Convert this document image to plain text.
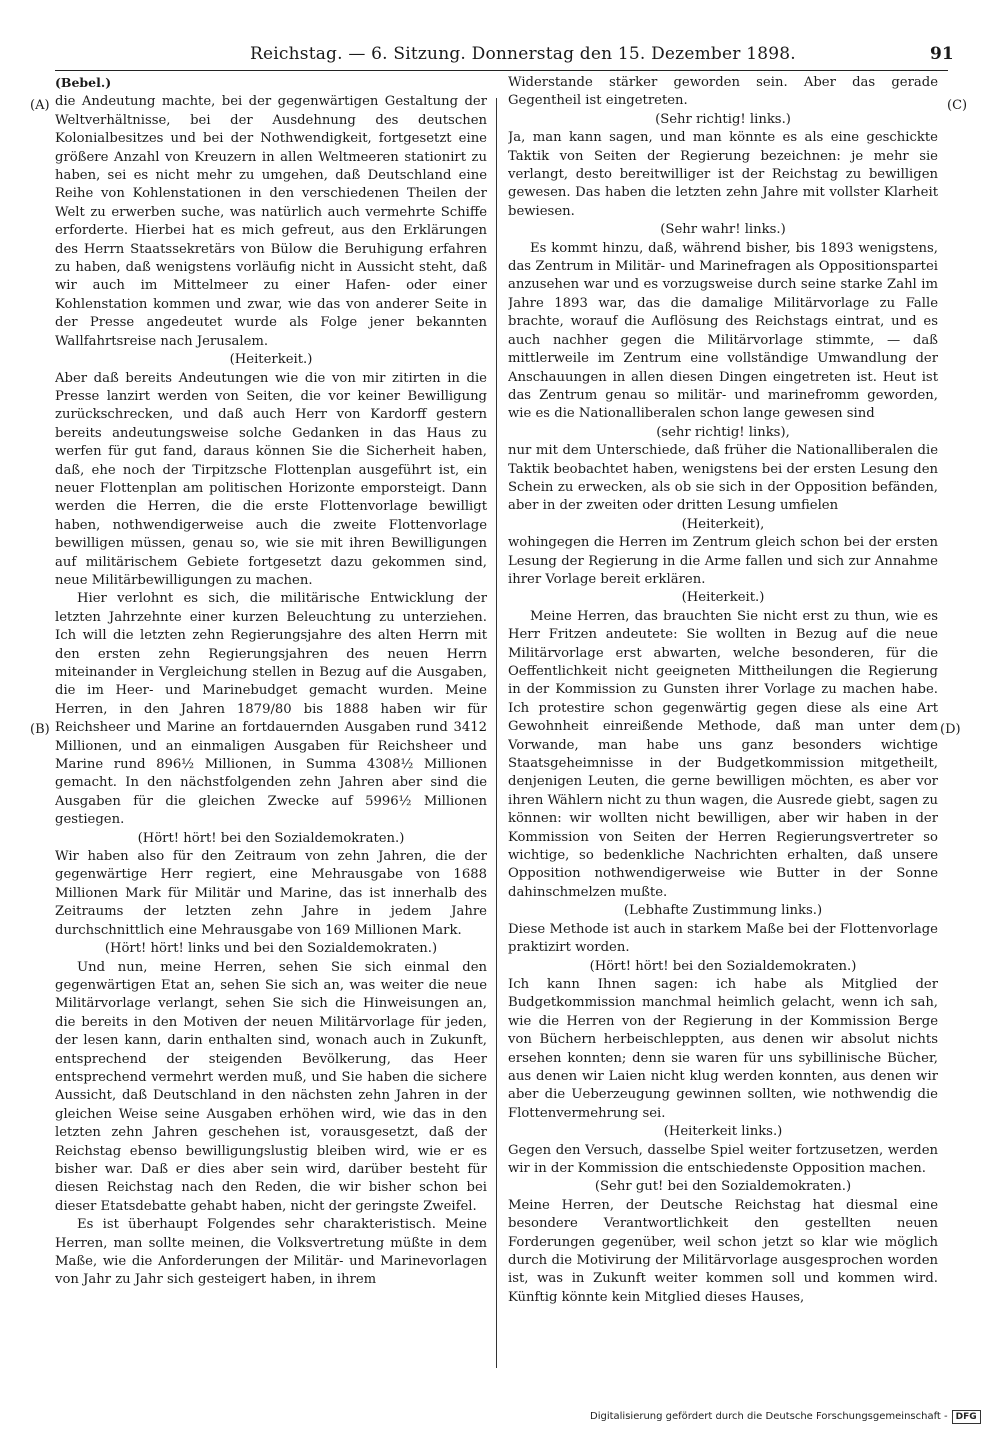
Reichstag. — 6. Sitzung. Donnerstag den 15. Dezember 1898.	91
(A)
(B)
(C)
(D)

(Bebel.)

die Andeutung machte, bei der gegenwärtigen Gestaltung der Weltverhältnisse, bei der Ausdehnung des deutschen Kolonialbesitzes und bei der Nothwendigkeit, fortgesetzt eine größere Anzahl von Kreuzern in allen Weltmeeren stationirt zu haben, sei es nicht mehr zu umgehen, daß Deutschland eine Reihe von Kohlenstationen in den verschiedenen Theilen der Welt zu erwerben suche, was natürlich auch vermehrte Schiffe erforderte. Hierbei hat es mich gefreut, aus den Erklärungen des Herrn Staatssekretärs von Bülow die Beruhigung erfahren zu haben, daß wenigstens vorläufig nicht in Aussicht steht, daß wir auch im Mittelmeer zu einer Hafen- oder einer Kohlenstation kommen und zwar, wie das von anderer Seite in der Presse angedeutet wurde als Folge jener bekannten Wallfahrtsreise nach Jerusalem.

(Heiterkeit.)

Aber daß bereits Andeutungen wie die von mir zitirten in die Presse lanzirt werden von Seiten, die vor keiner Bewilligung zurückschrecken, und daß auch Herr von Kardorff gestern bereits andeutungsweise solche Gedanken in das Haus zu werfen für gut fand, daraus können Sie die Sicherheit haben, daß, ehe noch der Tirpitzsche Flottenplan ausgeführt ist, ein neuer Flottenplan am politischen Horizonte emporsteigt. Dann werden die Herren, die die erste Flottenvorlage bewilligt haben, nothwendigerweise auch die zweite Flottenvorlage bewilligen müssen, genau so, wie sie mit ihren Bewilligungen auf militärischem Gebiete fortgesetzt dazu gekommen sind, neue Militärbewilligungen zu machen.

Hier verlohnt es sich, die militärische Entwicklung der letzten Jahrzehnte einer kurzen Beleuchtung zu unterziehen. Ich will die letzten zehn Regierungsjahre des alten Herrn mit den ersten zehn Regierungsjahren des neuen Herrn miteinander in Vergleichung stellen in Bezug auf die Ausgaben, die im Heer- und Marinebudget gemacht wurden. Meine Herren, in den Jahren 1879/80 bis 1888 haben wir für Reichsheer und Marine an fortdauernden Ausgaben rund 3412 Millionen, und an einmaligen Ausgaben für Reichsheer und Marine rund 896½ Millionen, in Summa 4308½ Millionen gemacht. In den nächstfolgenden zehn Jahren aber sind die Ausgaben für die gleichen Zwecke auf 5996½ Millionen gestiegen.

(Hört! hört! bei den Sozialdemokraten.)

Wir haben also für den Zeitraum von zehn Jahren, die der gegenwärtige Herr regiert, eine Mehrausgabe von 1688 Millionen Mark für Militär und Marine, das ist innerhalb des Zeitraums der letzten zehn Jahre in jedem Jahre durchschnittlich eine Mehrausgabe von 169 Millionen Mark.

(Hört! hört! links und bei den Sozialdemokraten.)

Und nun, meine Herren, sehen Sie sich einmal den gegenwärtigen Etat an, sehen Sie sich an, was weiter die neue Militärvorlage verlangt, sehen Sie sich die Hinweisungen an, die bereits in den Motiven der neuen Militärvorlage für jeden, der lesen kann, darin enthalten sind, wonach auch in Zukunft, entsprechend der steigenden Bevölkerung, das Heer entsprechend vermehrt werden muß, und Sie haben die sichere Aussicht, daß Deutschland in den nächsten zehn Jahren in der gleichen Weise seine Ausgaben erhöhen wird, wie das in den letzten zehn Jahren geschehen ist, vorausgesetzt, daß der Reichstag ebenso bewilligungslustig bleiben wird, wie er es bisher war. Daß er dies aber sein wird, darüber besteht für diesen Reichstag nach den Reden, die wir bisher schon bei dieser Etatsdebatte gehabt haben, nicht der geringste Zweifel.

Es ist überhaupt Folgendes sehr charakteristisch. Meine Herren, man sollte meinen, die Volksvertretung müßte in dem Maße, wie die Anforderungen der Militär- und Marinevorlagen von Jahr zu Jahr sich gesteigert haben, in ihrem

Widerstande stärker geworden sein. Aber das gerade Gegentheil ist eingetreten.

(Sehr richtig! links.)

Ja, man kann sagen, und man könnte es als eine geschickte Taktik von Seiten der Regierung bezeichnen: je mehr sie verlangt, desto bereitwilliger ist der Reichstag zu bewilligen gewesen. Das haben die letzten zehn Jahre mit vollster Klarheit bewiesen.

(Sehr wahr! links.)

Es kommt hinzu, daß, während bisher, bis 1893 wenigstens, das Zentrum in Militär- und Marinefragen als Oppositionspartei anzusehen war und es vorzugsweise durch seine starke Zahl im Jahre 1893 war, das die damalige Militärvorlage zu Falle brachte, worauf die Auflösung des Reichstags eintrat, und es auch nachher gegen die Militärvorlage stimmte, — daß mittlerweile im Zentrum eine vollständige Umwandlung der Anschauungen in allen diesen Dingen eingetreten ist. Heut ist das Zentrum genau so militär- und marinefromm geworden, wie es die Nationalliberalen schon lange gewesen sind

(sehr richtig! links),

nur mit dem Unterschiede, daß früher die Nationalliberalen die Taktik beobachtet haben, wenigstens bei der ersten Lesung den Schein zu erwecken, als ob sie sich in der Opposition befänden, aber in der zweiten oder dritten Lesung umfielen

(Heiterkeit),

wohingegen die Herren im Zentrum gleich schon bei der ersten Lesung der Regierung in die Arme fallen und sich zur Annahme ihrer Vorlage bereit erklären.

(Heiterkeit.)

Meine Herren, das brauchten Sie nicht erst zu thun, wie es Herr Fritzen andeutete: Sie wollten in Bezug auf die neue Militärvorlage erst abwarten, welche besonderen, für die Oeffentlichkeit nicht geeigneten Mittheilungen die Regierung in der Kommission zu Gunsten ihrer Vorlage zu machen habe. Ich protestire schon gegenwärtig gegen diese als eine Art Gewohnheit einreißende Methode, daß man unter dem Vorwande, man habe uns ganz besonders wichtige Staatsgeheimnisse in der Budgetkommission mitgetheilt, denjenigen Leuten, die gerne bewilligen möchten, es aber vor ihren Wählern nicht zu thun wagen, die Ausrede giebt, sagen zu können: wir wollten nicht bewilligen, aber wir haben in der Kommission von Seiten der Herren Regierungsvertreter so wichtige, so bedenkliche Nachrichten erhalten, daß unsere Opposition nothwendigerweise wie Butter in der Sonne dahinschmelzen mußte.

(Lebhafte Zustimmung links.)

Diese Methode ist auch in starkem Maße bei der Flottenvorlage praktizirt worden.

(Hört! hört! bei den Sozialdemokraten.)

Ich kann Ihnen sagen: ich habe als Mitglied der Budgetkommission manchmal heimlich gelacht, wenn ich sah, wie die Herren von der Regierung in der Kommission Berge von Büchern herbeischleppten, aus denen wir absolut nichts ersehen konnten; denn sie waren für uns sybillinische Bücher, aus denen wir Laien nicht klug werden konnten, aus denen wir aber die Ueberzeugung gewinnen sollten, wie nothwendig die Flottenvermehrung sei.

(Heiterkeit links.)

Gegen den Versuch, dasselbe Spiel weiter fortzusetzen, werden wir in der Kommission die entschiedenste Opposition machen.

(Sehr gut! bei den Sozialdemokraten.)

Meine Herren, der Deutsche Reichstag hat diesmal eine besondere Verantwortlichkeit den gestellten neuen Forderungen gegenüber, weil schon jetzt so klar wie möglich durch die Motivirung der Militärvorlage ausgesprochen worden ist, was in Zukunft weiter kommen soll und kommen wird. Künftig könnte kein Mitglied dieses Hauses,

Digitalisierung gefördert durch die Deutsche Forschungsgemeinschaft - DFG
